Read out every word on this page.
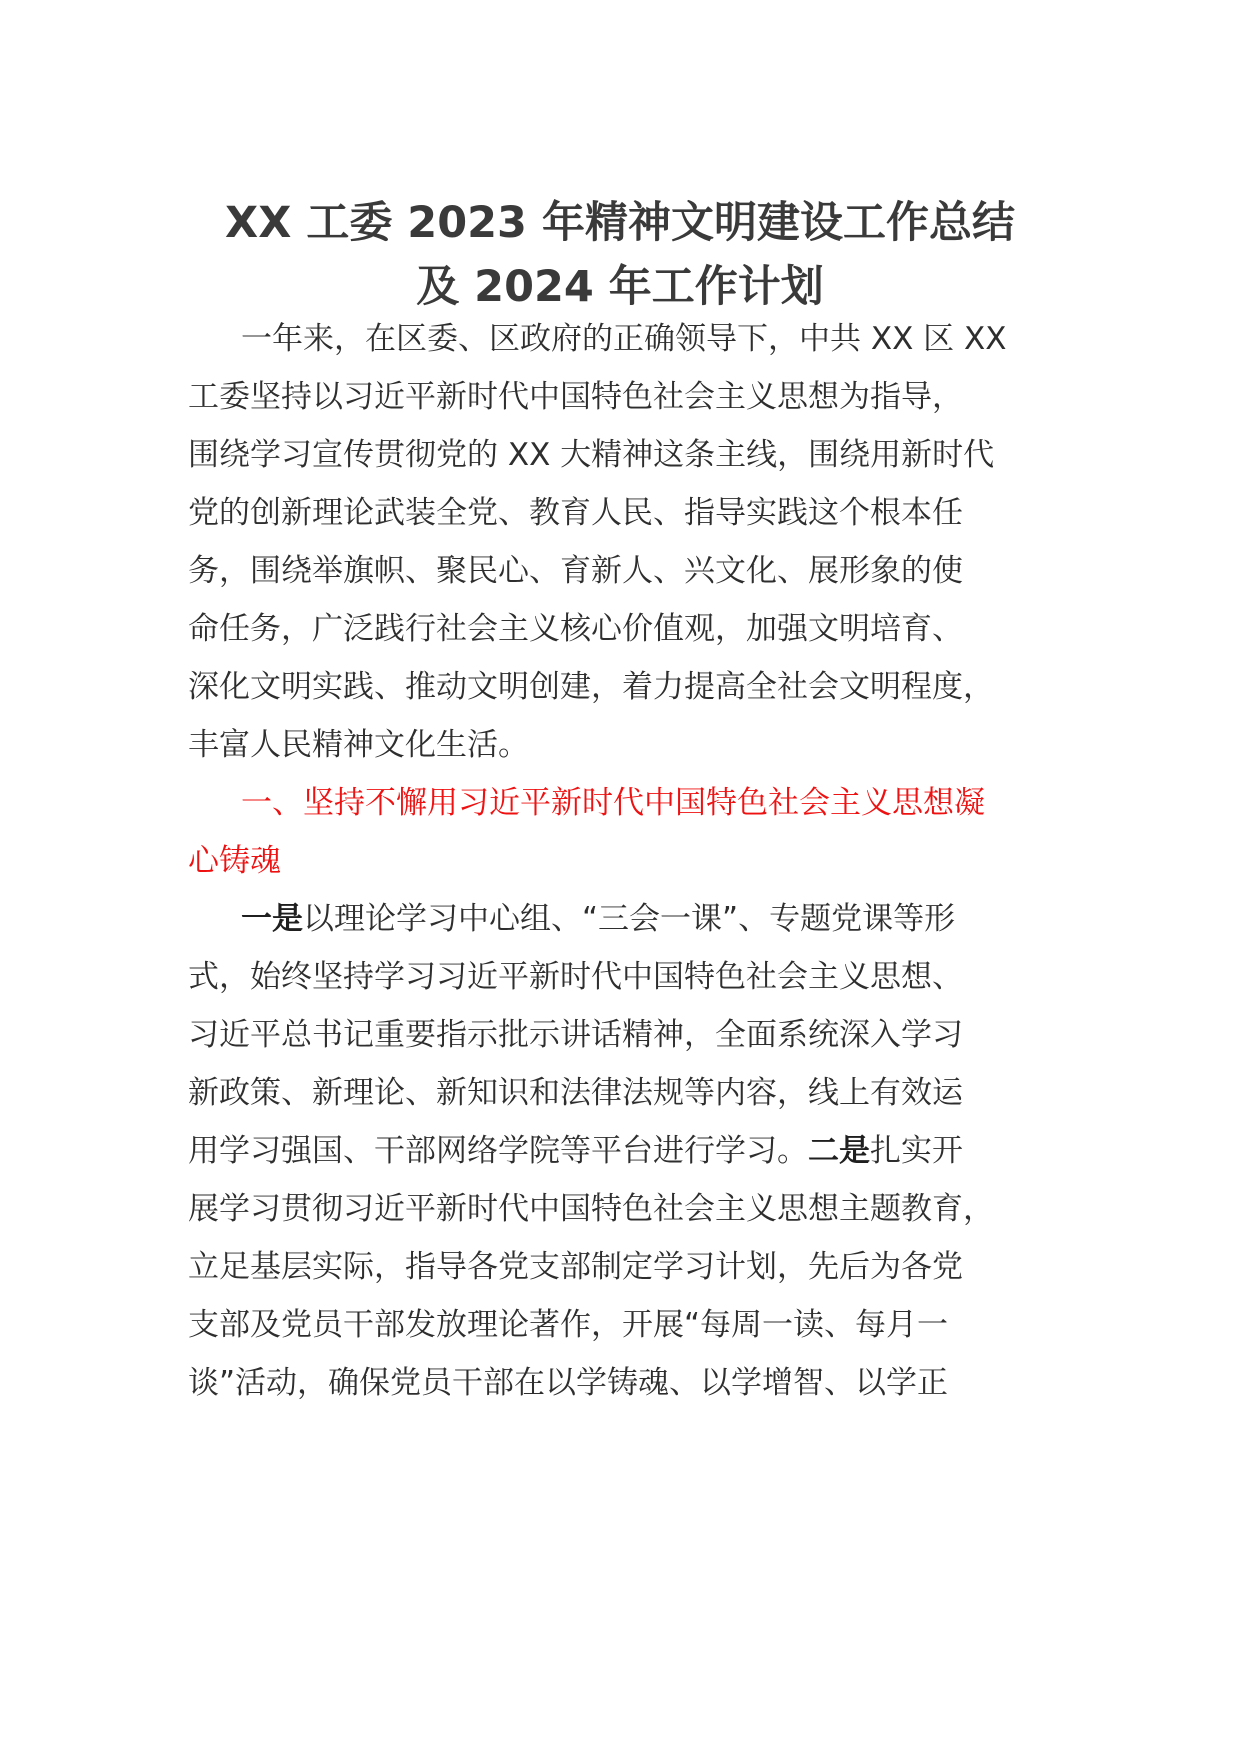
XX 工委 2023 年精神文明建设工作总结
及 2024 年工作计划

一年来，在区委、区政府的正确领导下，中共 XX 区 XX

工委坚持以习近平新时代中国特色社会主义思想为指导，

围绕学习宣传贯彻党的 XX 大精神这条主线，围绕用新时代

党的创新理论武装全党、教育人民、指导实践这个根本任

务，围绕举旗帜、聚民心、育新人、兴文化、展形象的使

命任务，广泛践行社会主义核心价值观，加强文明培育、

深化文明实践、推动文明创建，着力提高全社会文明程度，

丰富人民精神文化生活。

一、坚持不懈用习近平新时代中国特色社会主义思想凝

心铸魂

一是以理论学习中心组、“三会一课”、专题党课等形

式，始终坚持学习习近平新时代中国特色社会主义思想、

习近平总书记重要指示批示讲话精神，全面系统深入学习

新政策、新理论、新知识和法律法规等内容，线上有效运

用学习强国、干部网络学院等平台进行学习。二是扎实开

展学习贯彻习近平新时代中国特色社会主义思想主题教育，

立足基层实际，指导各党支部制定学习计划，先后为各党

支部及党员干部发放理论著作，开展“每周一读、每月一

谈”活动，确保党员干部在以学铸魂、以学增智、以学正
